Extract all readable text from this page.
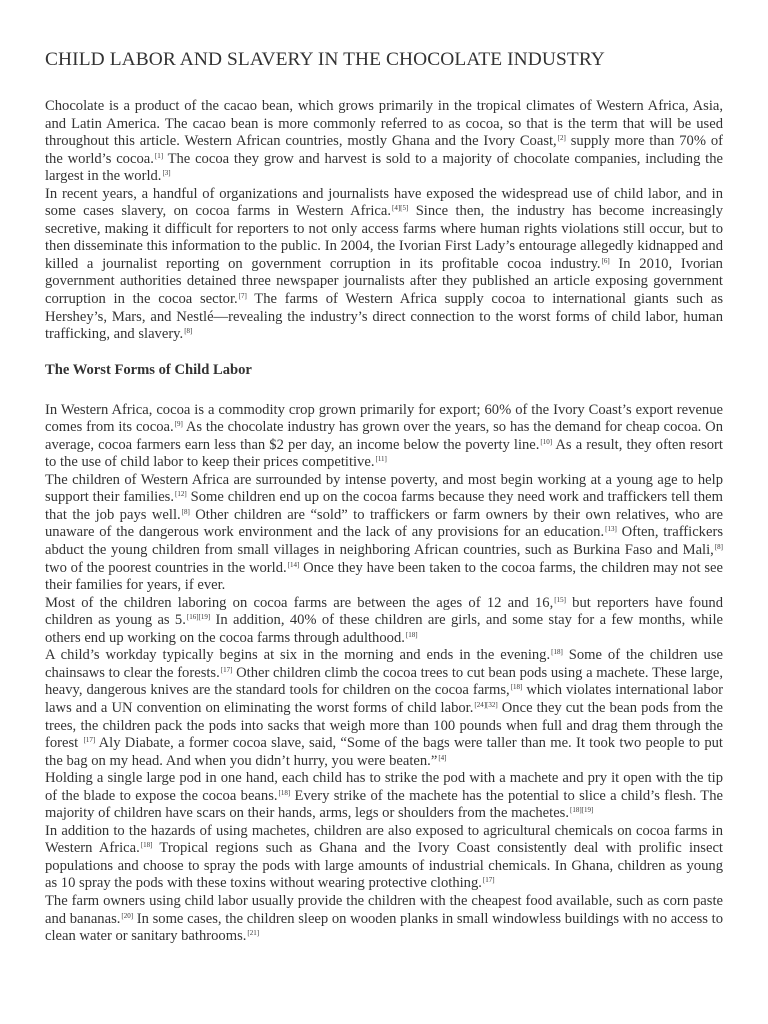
CHILD LABOR AND SLAVERY IN THE CHOCOLATE INDUSTRY

Chocolate is a product of the cacao bean, which grows primarily in the tropical climates of Western Africa, Asia, and Latin America. The cacao bean is more commonly referred to as cocoa, so that is the term that will be used throughout this article. Western African countries, mostly Ghana and the Ivory Coast,[2] supply more than 70% of the world’s cocoa.[1] The cocoa they grow and harvest is sold to a majority of chocolate companies, including the largest in the world.[3]

In recent years, a handful of organizations and journalists have exposed the widespread use of child labor, and in some cases slavery, on cocoa farms in Western Africa.[4][5] Since then, the industry has become increasingly secretive, making it difficult for reporters to not only access farms where human rights violations still occur, but to then disseminate this information to the public. In 2004, the Ivorian First Lady’s entourage allegedly kidnapped and killed a journalist reporting on government corruption in its profitable cocoa industry.[6] In 2010, Ivorian government authorities detained three newspaper journalists after they published an article exposing government corruption in the cocoa sector.[7] The farms of Western Africa supply cocoa to international giants such as Hershey’s, Mars, and Nestlé—revealing the industry’s direct connection to the worst forms of child labor, human trafficking, and slavery.[8]

The Worst Forms of Child Labor

In Western Africa, cocoa is a commodity crop grown primarily for export; 60% of the Ivory Coast’s export revenue comes from its cocoa.[9] As the chocolate industry has grown over the years, so has the demand for cheap cocoa. On average, cocoa farmers earn less than $2 per day, an income below the poverty line.[10] As a result, they often resort to the use of child labor to keep their prices competitive.[11]

The children of Western Africa are surrounded by intense poverty, and most begin working at a young age to help support their families.[12] Some children end up on the cocoa farms because they need work and traffickers tell them that the job pays well.[8] Other children are “sold” to traffickers or farm owners by their own relatives, who are unaware of the dangerous work environment and the lack of any provisions for an education.[13] Often, traffickers abduct the young children from small villages in neighboring African countries, such as Burkina Faso and Mali,[8] two of the poorest countries in the world.[14] Once they have been taken to the cocoa farms, the children may not see their families for years, if ever.

Most of the children laboring on cocoa farms are between the ages of 12 and 16,[15] but reporters have found children as young as 5.[16][19] In addition, 40% of these children are girls, and some stay for a few months, while others end up working on the cocoa farms through adulthood.[18]

A child’s workday typically begins at six in the morning and ends in the evening.[18] Some of the children use chainsaws to clear the forests.[17] Other children climb the cocoa trees to cut bean pods using a machete. These large, heavy, dangerous knives are the standard tools for children on the cocoa farms,[18] which violates international labor laws and a UN convention on eliminating the worst forms of child labor.[24][32] Once they cut the bean pods from the trees, the children pack the pods into sacks that weigh more than 100 pounds when full and drag them through the forest [17] Aly Diabate, a former cocoa slave, said, “Some of the bags were taller than me. It took two people to put the bag on my head. And when you didn’t hurry, you were beaten.”[4]

Holding a single large pod in one hand, each child has to strike the pod with a machete and pry it open with the tip of the blade to expose the cocoa beans.[18] Every strike of the machete has the potential to slice a child’s flesh. The majority of children have scars on their hands, arms, legs or shoulders from the machetes.[18][19]

In addition to the hazards of using machetes, children are also exposed to agricultural chemicals on cocoa farms in Western Africa.[18] Tropical regions such as Ghana and the Ivory Coast consistently deal with prolific insect populations and choose to spray the pods with large amounts of industrial chemicals. In Ghana, children as young as 10 spray the pods with these toxins without wearing protective clothing.[17]

The farm owners using child labor usually provide the children with the cheapest food available, such as corn paste and bananas.[20] In some cases, the children sleep on wooden planks in small windowless buildings with no access to clean water or sanitary bathrooms.[21]
